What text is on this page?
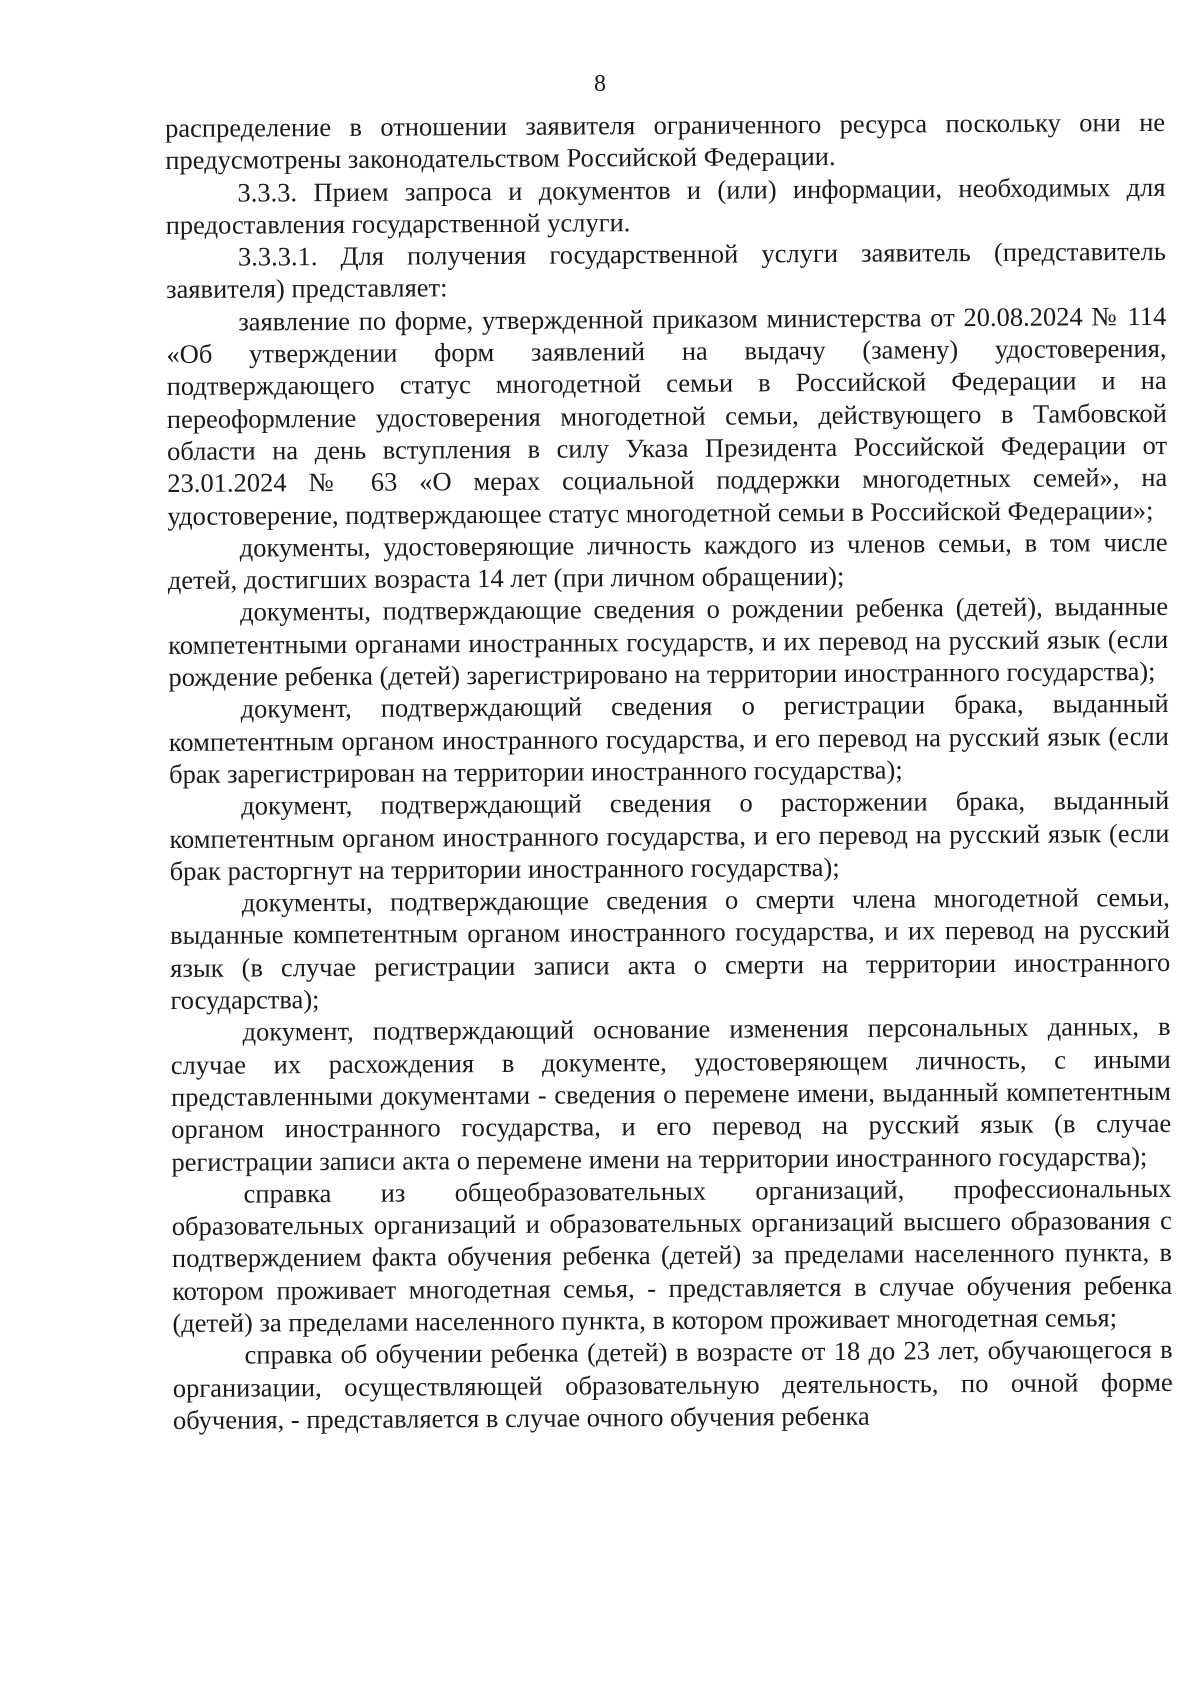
8

распределение в отношении заявителя ограниченного ресурса поскольку они не предусмотрены законодательством Российской Федерации.

3.3.3. Прием запроса и документов и (или) информации, необходимых для предоставления государственной услуги.

3.3.3.1. Для получения государственной услуги заявитель (представитель заявителя) представляет:

заявление по форме, утвержденной приказом министерства от 20.08.2024 № 114 «Об утверждении форм заявлений на выдачу (замену) удостоверения, подтверждающего статус многодетной семьи в Российской Федерации и на переоформление удостоверения многодетной семьи, действующего в Тамбовской области на день вступления в силу Указа Президента Российской Федерации от 23.01.2024 № 63 «О мерах социальной поддержки многодетных семей», на удостоверение, подтверждающее статус многодетной семьи в Российской Федерации»;

документы, удостоверяющие личность каждого из членов семьи, в том числе детей, достигших возраста 14 лет (при личном обращении);

документы, подтверждающие сведения о рождении ребенка (детей), выданные компетентными органами иностранных государств, и их перевод на русский язык (если рождение ребенка (детей) зарегистрировано на территории иностранного государства);

документ, подтверждающий сведения о регистрации брака, выданный компетентным органом иностранного государства, и его перевод на русский язык (если брак зарегистрирован на территории иностранного государства);

документ, подтверждающий сведения о расторжении брака, выданный компетентным органом иностранного государства, и его перевод на русский язык (если брак расторгнут на территории иностранного государства);

документы, подтверждающие сведения о смерти члена многодетной семьи, выданные компетентным органом иностранного государства, и их перевод на русский язык (в случае регистрации записи акта о смерти на территории иностранного государства);

документ, подтверждающий основание изменения персональных данных, в случае их расхождения в документе, удостоверяющем личность, с иными представленными документами - сведения о перемене имени, выданный компетентным органом иностранного государства, и его перевод на русский язык (в случае регистрации записи акта о перемене имени на территории иностранного государства);

справка из общеобразовательных организаций, профессиональных образовательных организаций и образовательных организаций высшего образования с подтверждением факта обучения ребенка (детей) за пределами населенного пункта, в котором проживает многодетная семья, - представляется в случае обучения ребенка (детей) за пределами населенного пункта, в котором проживает многодетная семья;

справка об обучении ребенка (детей) в возрасте от 18 до 23 лет, обучающегося в организации, осуществляющей образовательную деятельность, по очной форме обучения, - представляется в случае очного обучения ребенка
